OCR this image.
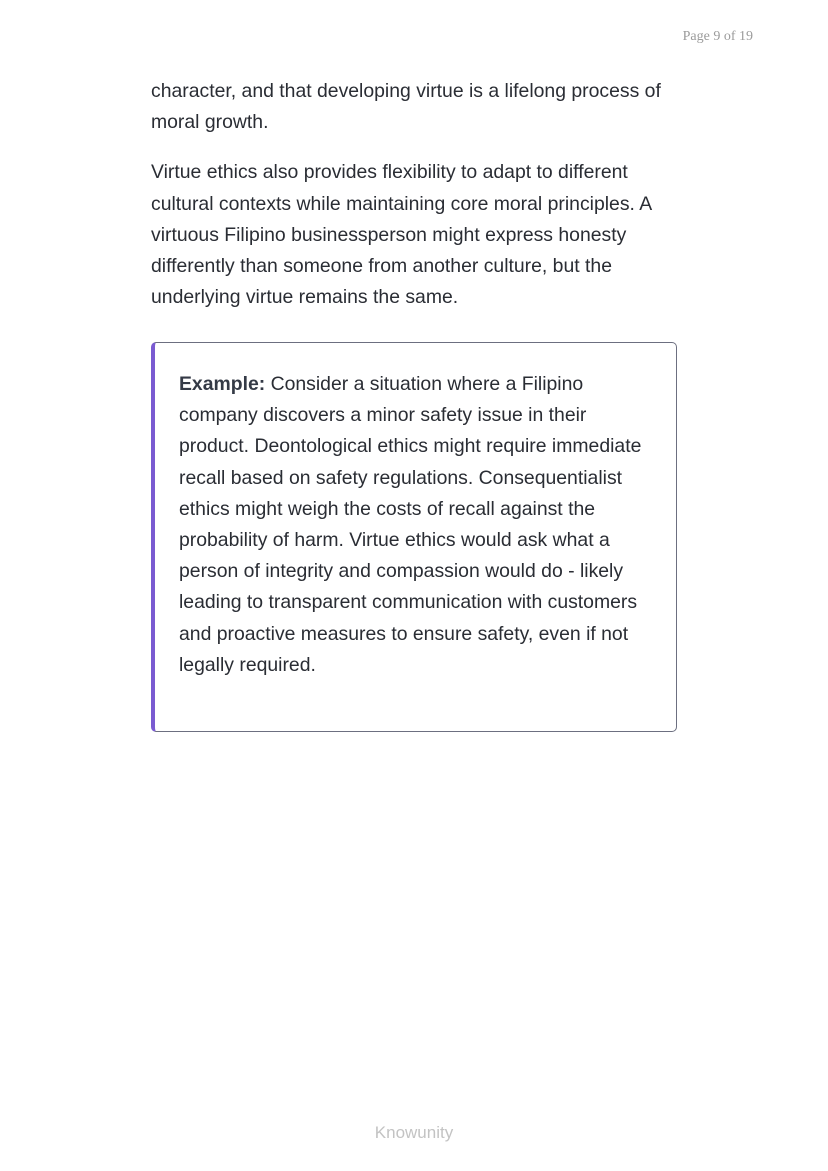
Page 9 of 19

character, and that developing virtue is a lifelong process of moral growth.

Virtue ethics also provides flexibility to adapt to different cultural contexts while maintaining core moral principles. A virtuous Filipino businessperson might express honesty differently than someone from another culture, but the underlying virtue remains the same.

Example: Consider a situation where a Filipino company discovers a minor safety issue in their product. Deontological ethics might require immediate recall based on safety regulations. Consequentialist ethics might weigh the costs of recall against the probability of harm. Virtue ethics would ask what a person of integrity and compassion would do - likely leading to transparent communication with customers and proactive measures to ensure safety, even if not legally required.

Knowunity
